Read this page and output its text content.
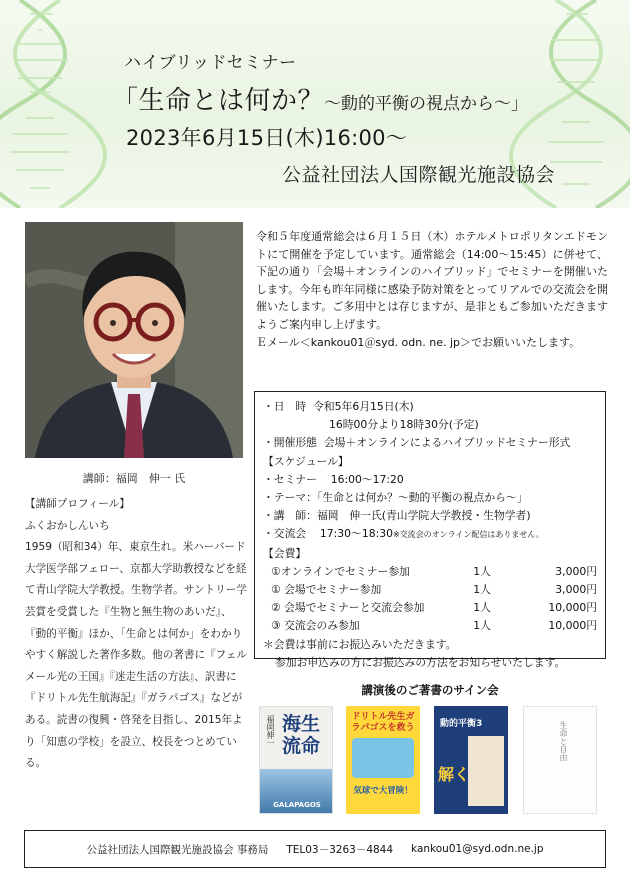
ハイブリッドセミナー
「生命とは何か？～動的平衡の視点から～」
2023年6月15日(木)16:00～
公益社団法人国際観光施設協会
講師：福岡　伸一 氏

【講師プロフィール】

ふくおかしんいち

1959（昭和34）年、東京生れ。米ハーバード大学医学部フェロー、京都大学助教授などを経て青山学院大学教授。生物学者。サントリー学芸賞を受賞した『生物と無生物のあいだ』、『動的平衡』ほか、「生命とは何か」をわかりやすく解説した著作多数。他の著書に『フェルメール光の王国』『迷走生活の方法』、訳書に『ドリトル先生航海記』『ガラパゴス』などがある。読書の復興・啓発を目指し、2015年より「知恵の学校」を設立、校長をつとめている。

令和５年度通常総会は６月１５日（木）ホテルメトロポリタンエドモントにて開催を予定しています。通常総会（14:00～15:45）に併せて、下記の通り「会場＋オンラインのハイブリッド」でセミナーを開催いたします。今年も昨年同様に感染予防対策をとってリアルでの交流会を開催いたします。ご多用中とは存じますが、是非ともご参加いただきますようご案内申し上げます。

Ｅメール＜kankou01＠syd. odn. ne. jp＞でお願いいたします。

・日　時 令和5年6月15日(木)
16時00分より18時30分(予定)
・開催形態 会場＋オンラインによるハイブリッドセミナー形式
【スケジュール】
・セミナー 16:00～17:20
・テーマ：「生命とは何か？～動的平衡の視点から～」
・講　師：福岡　伸一氏(青山学院大学教授・生物学者)
・交流会 17:30～18:30※交流会のオンライン配信はありません。
【会費】
①オンラインでセミナー参加	1人	3,000円
① 会場でセミナー参加	1人	3,000円
② 会場でセミナーと交流会参加	1人	10,000円
③ 交流会のみ参加	1人	10,000円
＊会費は事前にお振込みいただきます。
参加お申込みの方にお振込みの方法をお知らせいたします。
講演後のご著書のサイン会
福岡伸一 海生流命
GALAPAGOS
ドリトル先生ガラパゴスを救う
気球で大冒険！
動的平衡3
解く
生命と自由
公益社団法人国際観光施設協会 事務局 TEL03－3263－4844 kankou01@syd.odn.ne.jp
